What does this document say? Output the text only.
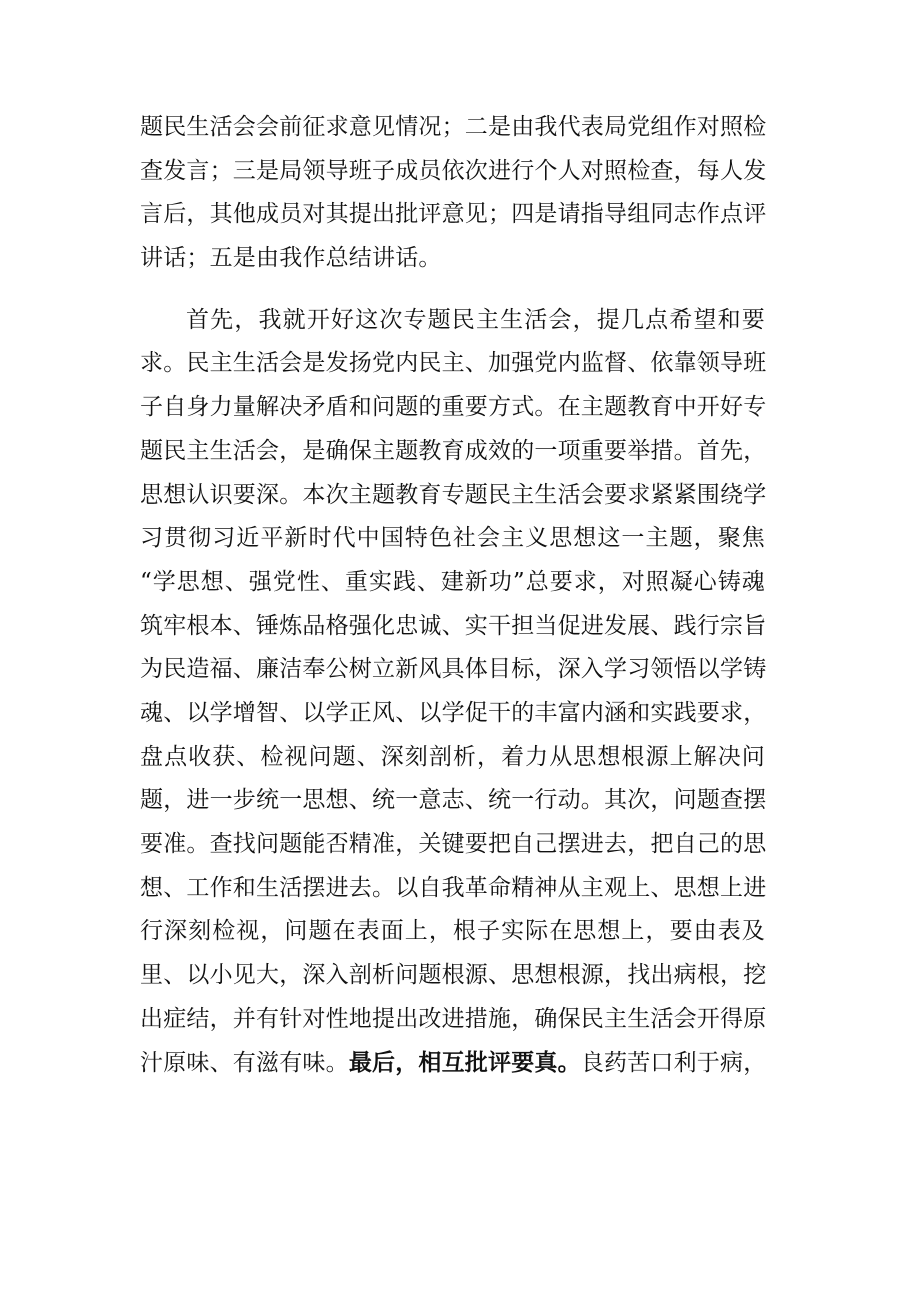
题民生活会会前征求意见情况；二是由我代表局党组作对照检
查发言；三是局领导班子成员依次进行个人对照检查，每人发
言后，其他成员对其提出批评意见；四是请指导组同志作点评
讲话；五是由我作总结讲话。
首先，我就开好这次专题民主生活会，提几点希望和要
求。民主生活会是发扬党内民主、加强党内监督、依靠领导班
子自身力量解决矛盾和问题的重要方式。在主题教育中开好专
题民主生活会，是确保主题教育成效的一项重要举措。首先，
思想认识要深。本次主题教育专题民主生活会要求紧紧围绕学
习贯彻习近平新时代中国特色社会主义思想这一主题，聚焦
“学思想、强党性、重实践、建新功”总要求，对照凝心铸魂
筑牢根本、锤炼品格强化忠诚、实干担当促进发展、践行宗旨
为民造福、廉洁奉公树立新风具体目标，深入学习领悟以学铸
魂、以学增智、以学正风、以学促干的丰富内涵和实践要求，
盘点收获、检视问题、深刻剖析，着力从思想根源上解决问
题，进一步统一思想、统一意志、统一行动。其次，问题查摆
要准。查找问题能否精准，关键要把自己摆进去，把自己的思
想、工作和生活摆进去。以自我革命精神从主观上、思想上进
行深刻检视，问题在表面上，根子实际在思想上，要由表及
里、以小见大，深入剖析问题根源、思想根源，找出病根，挖
出症结，并有针对性地提出改进措施，确保民主生活会开得原
汁原味、有滋有味。最后，相互批评要真。良药苦口利于病，
